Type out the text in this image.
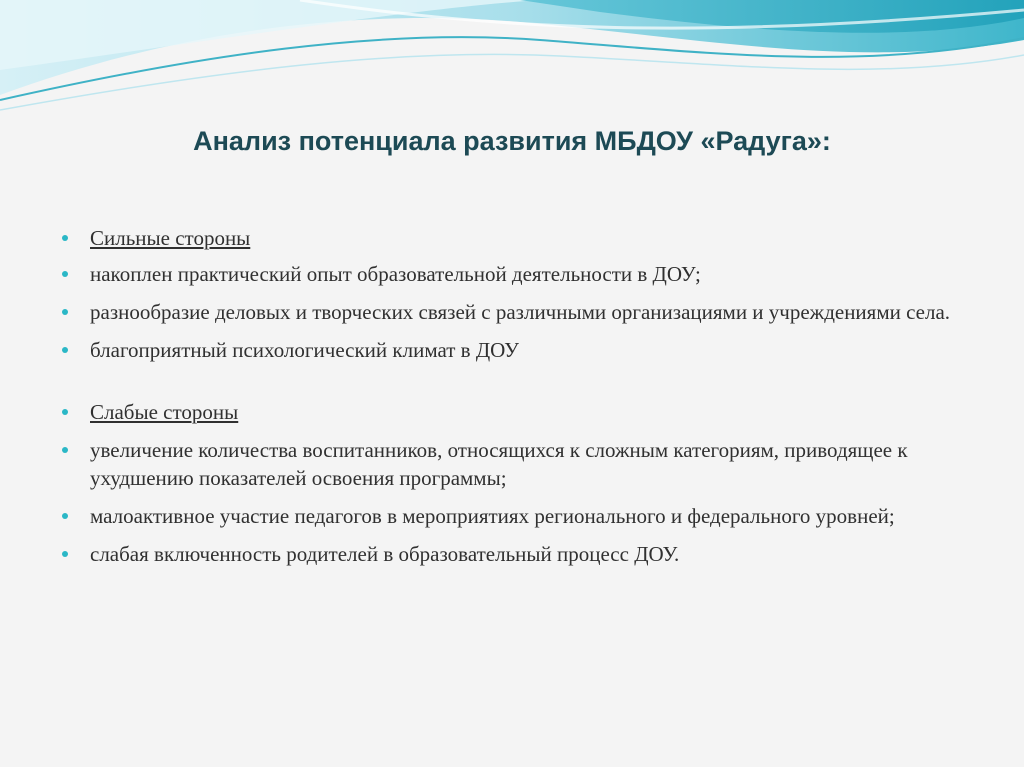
Анализ потенциала развития МБДОУ «Радуга»:
Сильные стороны
накоплен практический опыт образовательной деятельности в ДОУ;
разнообразие деловых и творческих связей с различными организациями и учреждениями села.
благоприятный психологический климат в ДОУ
Слабые стороны
увеличение количества воспитанников, относящихся к сложным категориям, приводящее к ухудшению показателей освоения программы;
малоактивное участие педагогов в мероприятиях регионального и федерального уровней;
слабая включенность родителей в образовательный процесс ДОУ.
